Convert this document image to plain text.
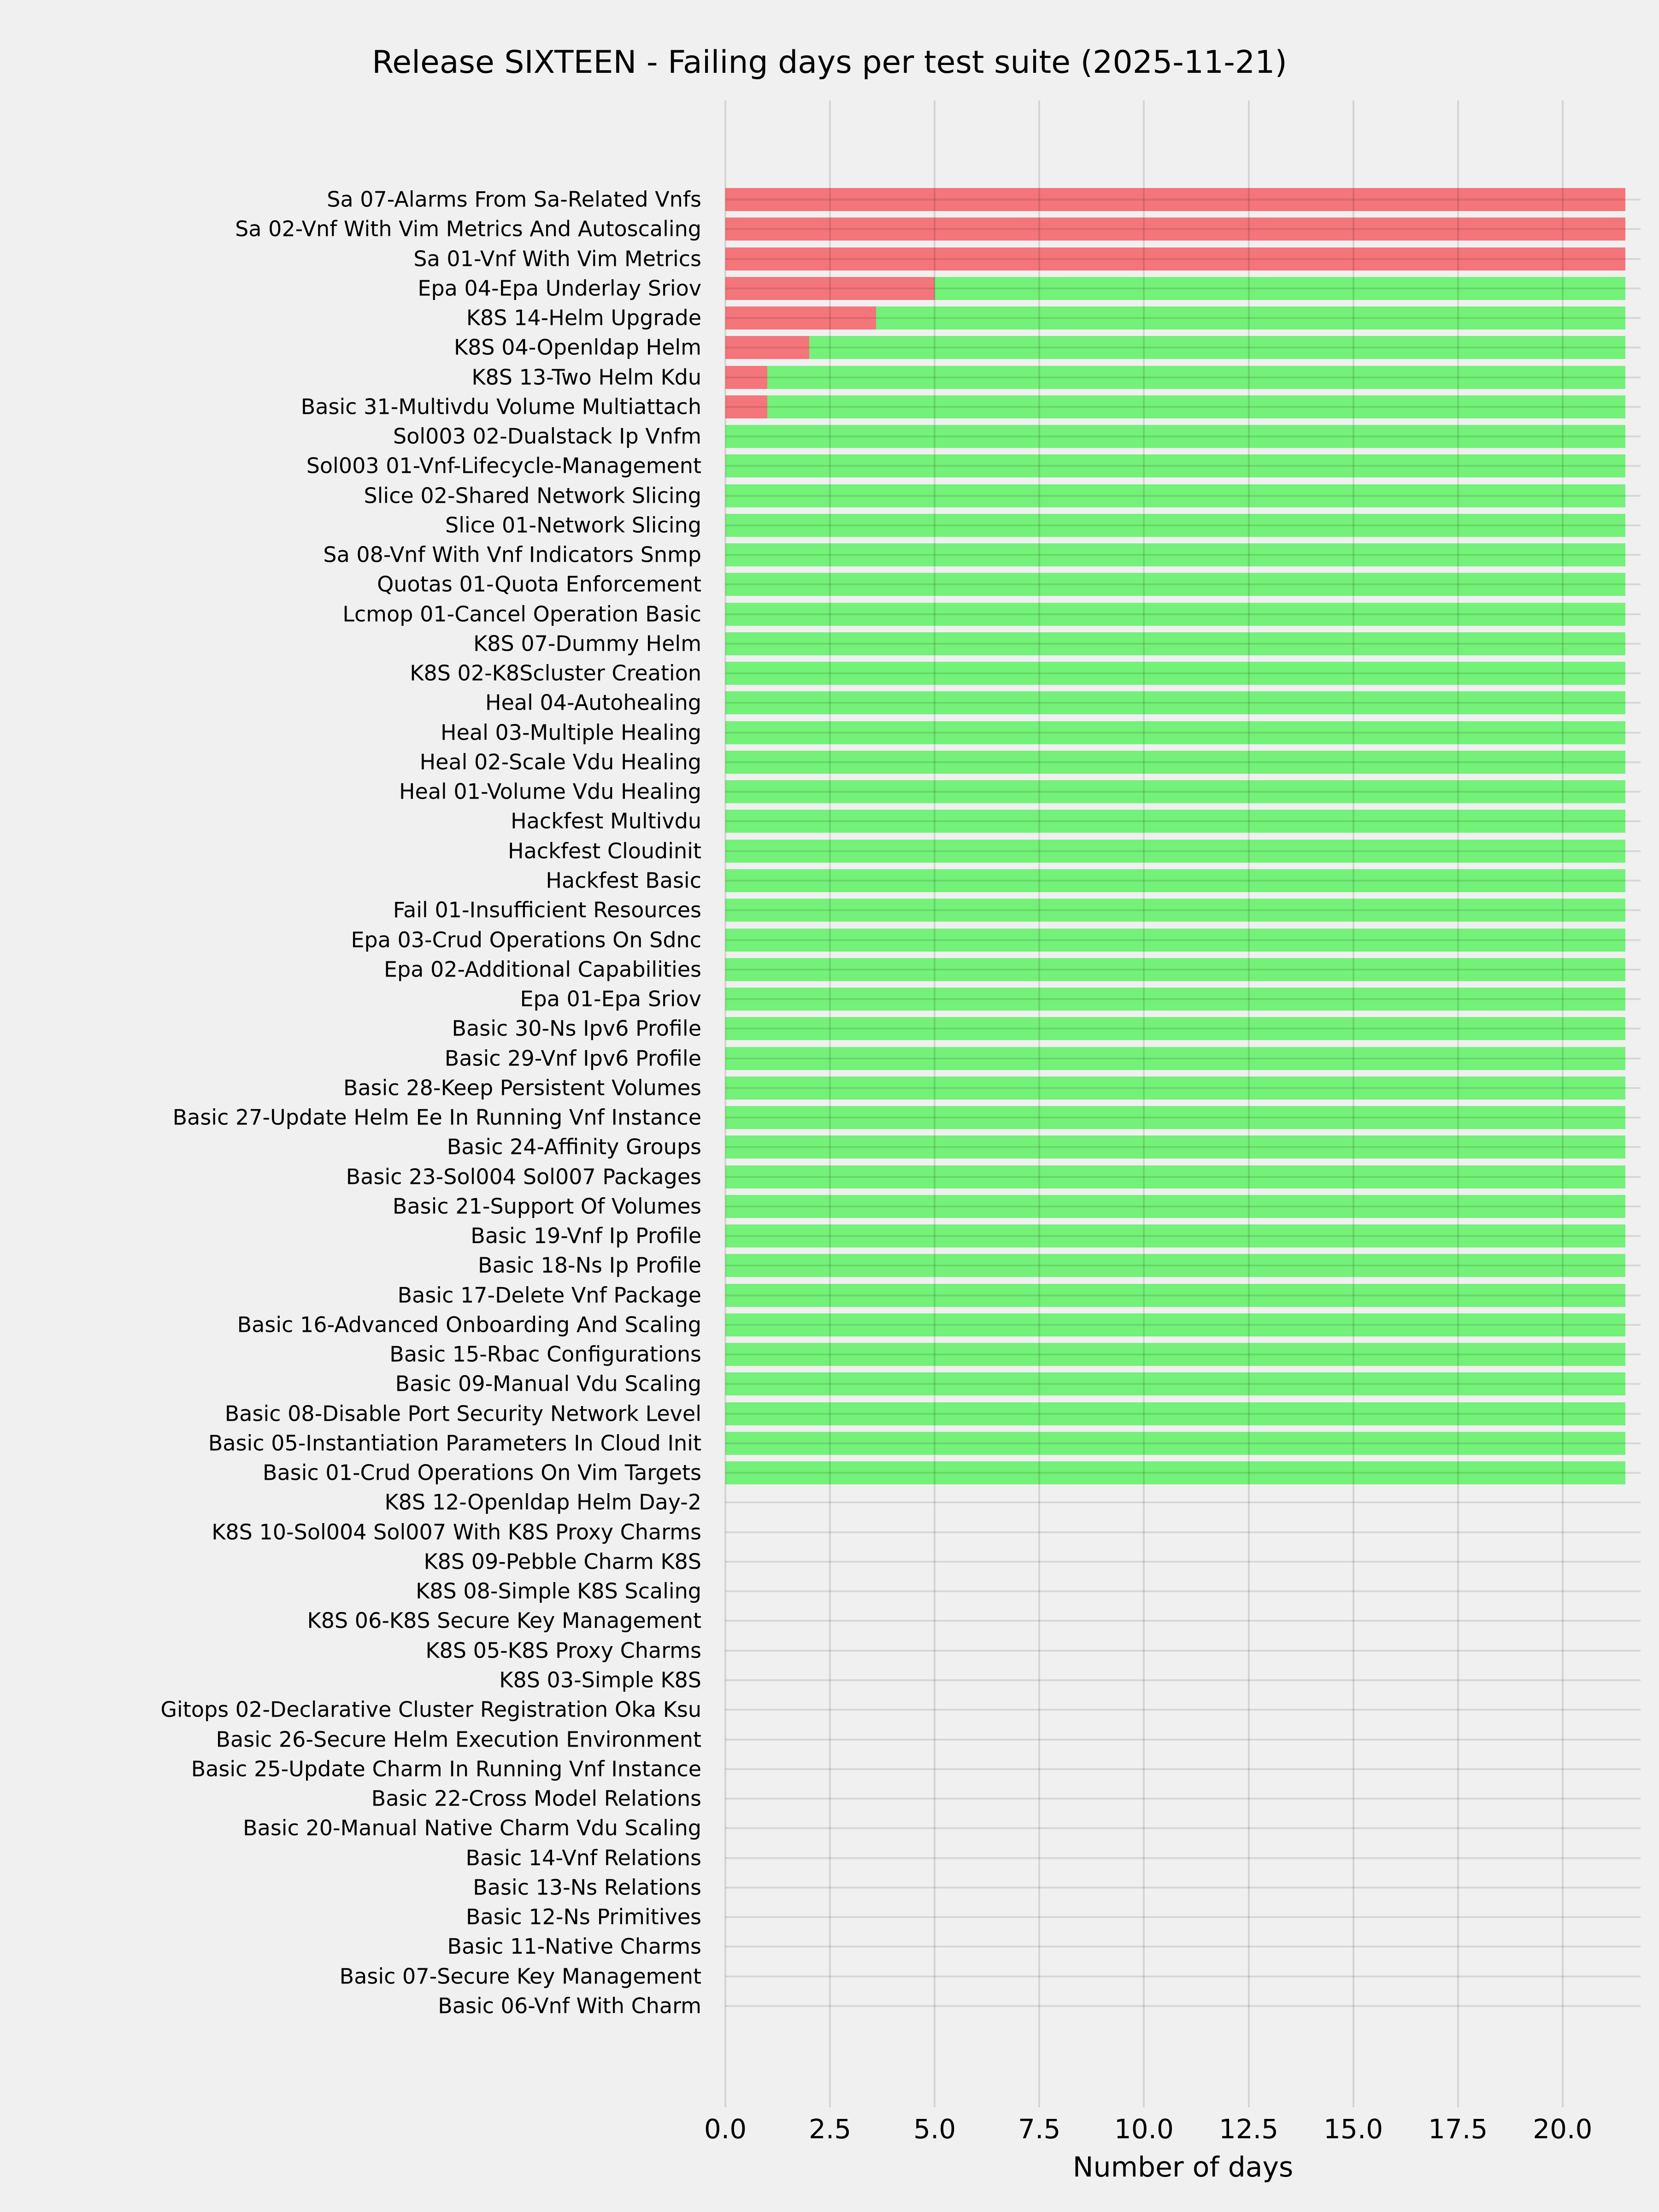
Release SIXTEEN - Failing days per test suite (2025-11-21)
Sa 07-Alarms From Sa-Related Vnfs
Sa 02-Vnf With Vim Metrics And Autoscaling
Sa 01-Vnf With Vim Metrics
Epa 04-Epa Underlay Sriov
K8S 14-Helm Upgrade
K8S 04-Openldap Helm
K8S 13-Two Helm Kdu
Basic 31-Multivdu Volume Multiattach
Sol003 02-Dualstack Ip Vnfm
Sol003 01-Vnf-Lifecycle-Management
Slice 02-Shared Network Slicing
Slice 01-Network Slicing
Sa 08-Vnf With Vnf Indicators Snmp
Quotas 01-Quota Enforcement
Lcmop 01-Cancel Operation Basic
K8S 07-Dummy Helm
K8S 02-K8Scluster Creation
Heal 04-Autohealing
Heal 03-Multiple Healing
Heal 02-Scale Vdu Healing
Heal 01-Volume Vdu Healing
Hackfest Multivdu
Hackfest Cloudinit
Hackfest Basic
Fail 01-Insufficient Resources
Epa 03-Crud Operations On Sdnc
Epa 02-Additional Capabilities
Epa 01-Epa Sriov
Basic 30-Ns Ipv6 Profile
Basic 29-Vnf Ipv6 Profile
Basic 28-Keep Persistent Volumes
Basic 27-Update Helm Ee In Running Vnf Instance
Basic 24-Affinity Groups
Basic 23-Sol004 Sol007 Packages
Basic 21-Support Of Volumes
Basic 19-Vnf Ip Profile
Basic 18-Ns Ip Profile
Basic 17-Delete Vnf Package
Basic 16-Advanced Onboarding And Scaling
Basic 15-Rbac Configurations
Basic 09-Manual Vdu Scaling
Basic 08-Disable Port Security Network Level
Basic 05-Instantiation Parameters In Cloud Init
Basic 01-Crud Operations On Vim Targets
K8S 12-Openldap Helm Day-2
K8S 10-Sol004 Sol007 With K8S Proxy Charms
K8S 09-Pebble Charm K8S
K8S 08-Simple K8S Scaling
K8S 06-K8S Secure Key Management
K8S 05-K8S Proxy Charms
K8S 03-Simple K8S
Gitops 02-Declarative Cluster Registration Oka Ksu
Basic 26-Secure Helm Execution Environment
Basic 25-Update Charm In Running Vnf Instance
Basic 22-Cross Model Relations
Basic 20-Manual Native Charm Vdu Scaling
Basic 14-Vnf Relations
Basic 13-Ns Relations
Basic 12-Ns Primitives
Basic 11-Native Charms
Basic 07-Secure Key Management
Basic 06-Vnf With Charm
0.0 2.5 5.0 7.5 10.0 12.5 15.0 17.5 20.0
Number of days
